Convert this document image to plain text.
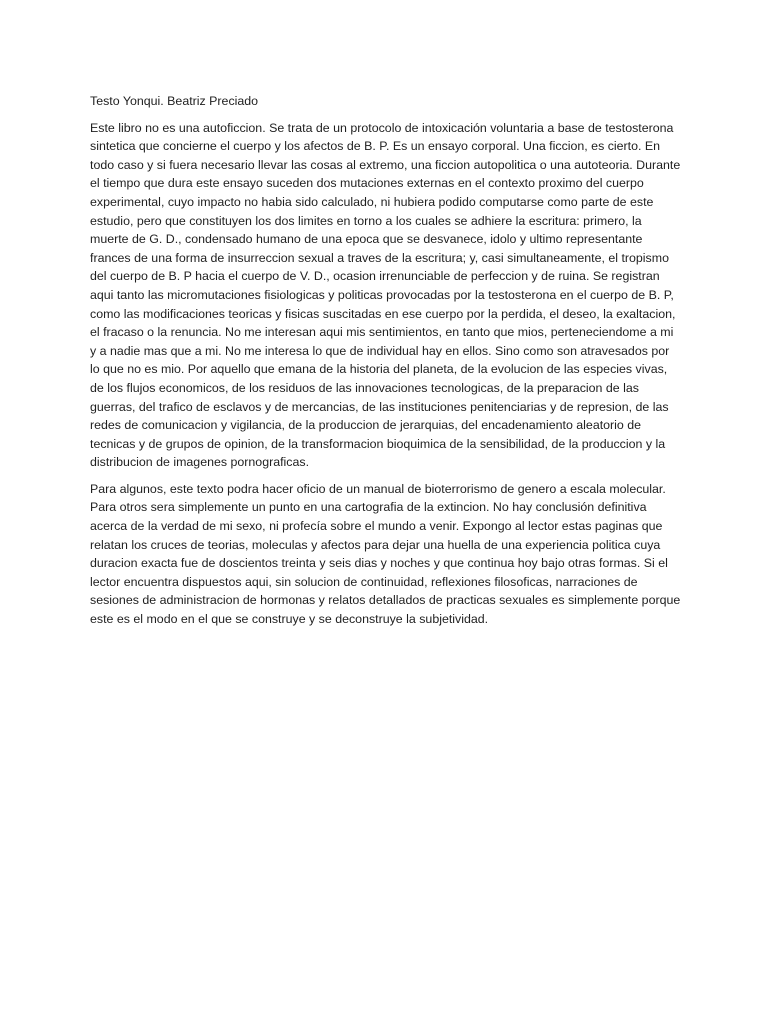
Testo Yonqui. Beatriz Preciado

Este libro no es una autoficcion. Se trata de un protocolo de intoxicación voluntaria a base de testosterona sintetica que concierne el cuerpo y los afectos de B. P. Es un ensayo corporal. Una ficcion, es cierto. En todo caso y si fuera necesario llevar las cosas al extremo, una ficcion autopolitica o una autoteoria. Durante el tiempo que dura este ensayo suceden dos mutaciones externas en el contexto proximo del cuerpo experimental, cuyo impacto no habia sido calculado, ni hubiera podido computarse como parte de este estudio, pero que constituyen los dos limites en torno a los cuales se adhiere la escritura: primero, la muerte de G. D., condensado humano de una epoca que se desvanece, idolo y ultimo representante frances de una forma de insurreccion sexual a traves de la escritura; y, casi simultaneamente, el tropismo del cuerpo de B. P hacia el cuerpo de V. D., ocasion irrenunciable de perfeccion y de ruina. Se registran aqui tanto las micromutaciones fisiologicas y politicas provocadas por la testosterona en el cuerpo de B. P, como las modificaciones teoricas y fisicas suscitadas en ese cuerpo por la perdida, el deseo, la exaltacion, el fracaso o la renuncia. No me interesan aqui mis sentimientos, en tanto que mios, perteneciendome a mi y a nadie mas que a mi. No me interesa lo que de individual hay en ellos. Sino como son atravesados por lo que no es mio. Por aquello que emana de la historia del planeta, de la evolucion de las especies vivas, de los flujos economicos, de los residuos de las innovaciones tecnologicas, de la preparacion de las guerras, del trafico de esclavos y de mercancias, de las instituciones penitenciarias y de represion, de las redes de comunicacion y vigilancia, de la produccion de jerarquias, del encadenamiento aleatorio de tecnicas y de grupos de opinion, de la transformacion bioquimica de la sensibilidad, de la produccion y la distribucion de imagenes pornograficas.

Para algunos, este texto podra hacer oficio de un manual de bioterrorismo de genero a escala molecular. Para otros sera simplemente un punto en una cartografia de la extincion. No hay conclusión definitiva acerca de la verdad de mi sexo, ni profecía sobre el mundo a venir. Expongo al lector estas paginas que relatan los cruces de teorias, moleculas y afectos para dejar una huella de una experiencia politica cuya duracion exacta fue de doscientos treinta y seis dias y noches y que continua hoy bajo otras formas. Si el lector encuentra dispuestos aqui, sin solucion de continuidad, reflexiones filosoficas, narraciones de sesiones de administracion de hormonas y relatos detallados de practicas sexuales es simplemente porque este es el modo en el que se construye y se deconstruye la subjetividad.
